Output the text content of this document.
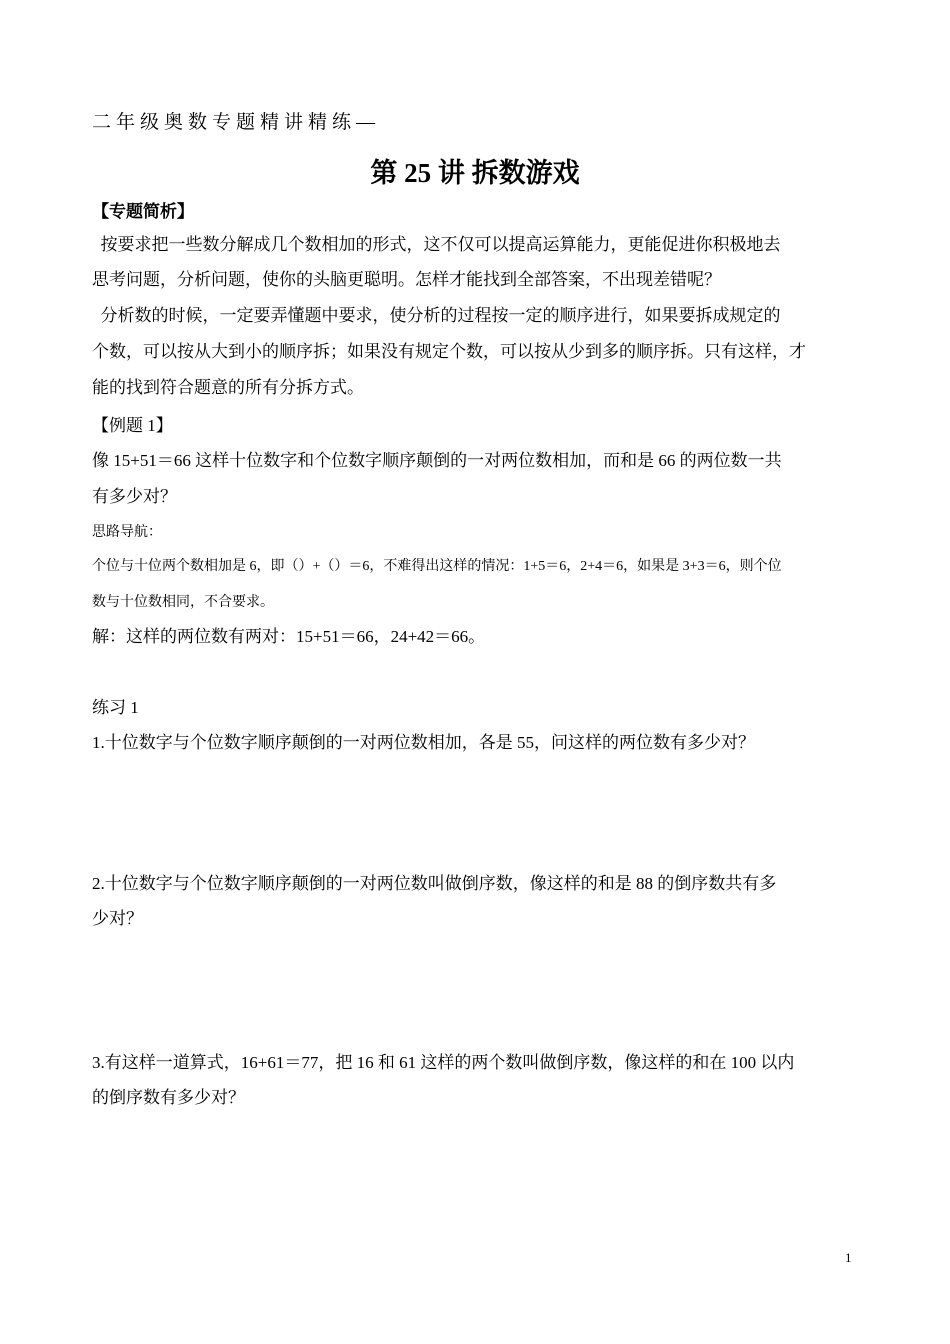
二年级奥数专题精讲精练—
第 25 讲 拆数游戏
【专题简析】
按要求把一些数分解成几个数相加的形式，这不仅可以提高运算能力，更能促进你积极地去
思考问题，分析问题，使你的头脑更聪明。怎样才能找到全部答案，不出现差错呢？
分析数的时候，一定要弄懂题中要求，使分析的过程按一定的顺序进行，如果要拆成规定的
个数，可以按从大到小的顺序拆；如果没有规定个数，可以按从少到多的顺序拆。只有这样，才
能的找到符合题意的所有分拆方式。
【例题 1】
像 15+51＝66 这样十位数字和个位数字顺序颠倒的一对两位数相加，而和是 66 的两位数一共
有多少对？
思路导航：
个位与十位两个数相加是 6，即（）+（）＝6，不难得出这样的情况：1+5＝6，2+4＝6，如果是 3+3＝6，则个位
数与十位数相同，不合要求。
解：这样的两位数有两对：15+51＝66，24+42＝66。
练习 1
1.十位数字与个位数字顺序颠倒的一对两位数相加，各是 55，问这样的两位数有多少对？
2.十位数字与个位数字顺序颠倒的一对两位数叫做倒序数，像这样的和是 88 的倒序数共有多
少对？
3.有这样一道算式，16+61＝77，把 16 和 61 这样的两个数叫做倒序数，像这样的和在 100 以内
的倒序数有多少对？
1
